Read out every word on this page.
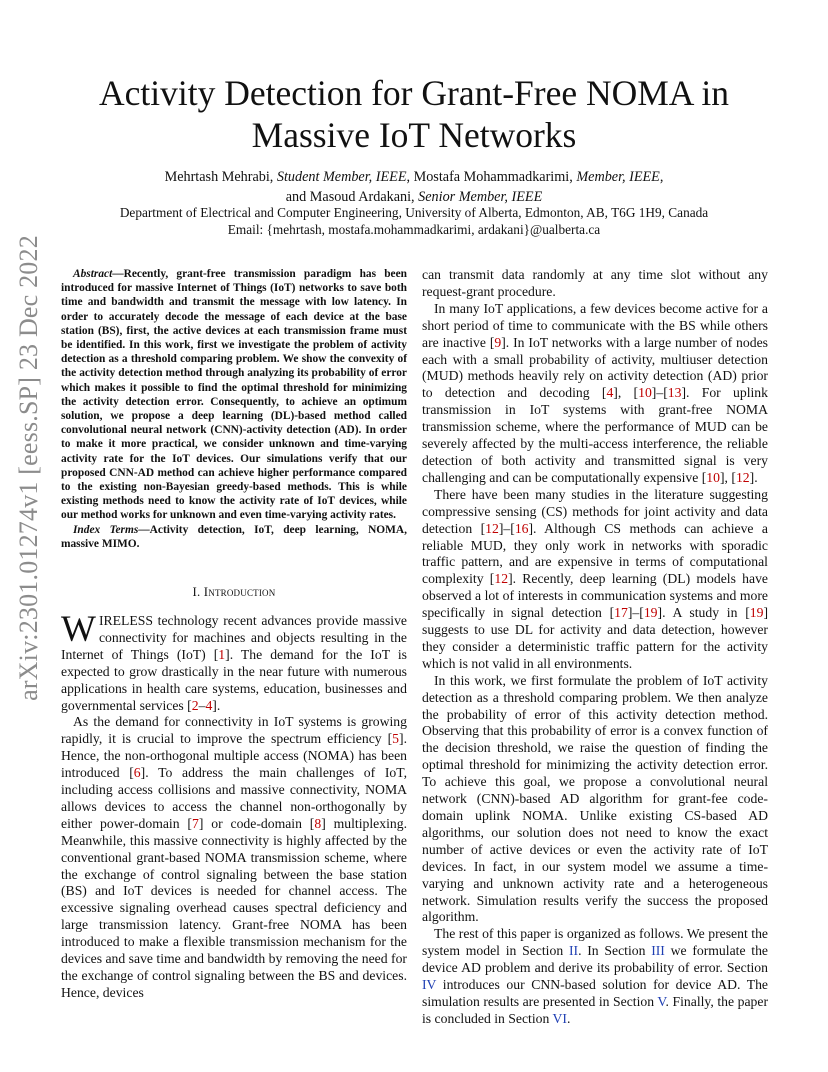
Activity Detection for Grant-Free NOMA in Massive IoT Networks
Mehrtash Mehrabi, Student Member, IEEE, Mostafa Mohammadkarimi, Member, IEEE,
and Masoud Ardakani, Senior Member, IEEE
Department of Electrical and Computer Engineering, University of Alberta, Edmonton, AB, T6G 1H9, Canada
Email: {mehrtash, mostafa.mohammadkarimi, ardakani}@ualberta.ca
arXiv:2301.01274v1 [eess.SP] 23 Dec 2022	Abstract—Recently, grant-free transmission paradigm has been introduced for massive Internet of Things (IoT) networks to save both time and bandwidth and transmit the message with low latency. In order to accurately decode the message of each device at the base station (BS), first, the active devices at each transmission frame must be identified. In this work, first we investigate the problem of activity detection as a threshold comparing problem. We show the convexity of the activity detection method through analyzing its probability of error which makes it possible to find the optimal threshold for minimizing the activity detection error. Consequently, to achieve an optimum solution, we propose a deep learning (DL)-based method called convolutional neural network (CNN)-activity detection (AD). In order to make it more practical, we consider unknown and time-varying activity rate for the IoT devices. Our simulations verify that our proposed CNN-AD method can achieve higher performance compared to the existing non-Bayesian greedy-based methods. This is while existing methods need to know the activity rate of IoT devices, while our method works for unknown and even time-varying activity rates.

Index Terms—Activity detection, IoT, deep learning, NOMA, massive MIMO.

I. Introduction

WIRELESS technology recent advances provide massive connectivity for machines and objects resulting in the Internet of Things (IoT) [1]. The demand for the IoT is expected to grow drastically in the near future with numerous applications in health care systems, education, businesses and governmental services [2–4].

As the demand for connectivity in IoT systems is growing rapidly, it is crucial to improve the spectrum efficiency [5]. Hence, the non-orthogonal multiple access (NOMA) has been introduced [6]. To address the main challenges of IoT, including access collisions and massive connectivity, NOMA allows devices to access the channel non-orthogonally by either power-domain [7] or code-domain [8] multiplexing. Meanwhile, this massive connectivity is highly affected by the conventional grant-based NOMA transmission scheme, where the exchange of control signaling between the base station (BS) and IoT devices is needed for channel access. The excessive signaling overhead causes spectral deficiency and large transmission latency. Grant-free NOMA has been introduced to make a flexible transmission mechanism for the devices and save time and bandwidth by removing the need for the exchange of control signaling between the BS and devices. Hence, devices

can transmit data randomly at any time slot without any request-grant procedure.

In many IoT applications, a few devices become active for a short period of time to communicate with the BS while others are inactive [9]. In IoT networks with a large number of nodes each with a small probability of activity, multiuser detection (MUD) methods heavily rely on activity detection (AD) prior to detection and decoding [4], [10]–[13]. For uplink transmission in IoT systems with grant-free NOMA transmission scheme, where the performance of MUD can be severely affected by the multi-access interference, the reliable detection of both activity and transmitted signal is very challenging and can be computationally expensive [10], [12].

There have been many studies in the literature suggesting compressive sensing (CS) methods for joint activity and data detection [12]–[16]. Although CS methods can achieve a reliable MUD, they only work in networks with sporadic traffic pattern, and are expensive in terms of computational complexity [12]. Recently, deep learning (DL) models have observed a lot of interests in communication systems and more specifically in signal detection [17]–[19]. A study in [19] suggests to use DL for activity and data detection, however they consider a deterministic traffic pattern for the activity which is not valid in all environments.

In this work, we first formulate the problem of IoT activity detection as a threshold comparing problem. We then analyze the probability of error of this activity detection method. Observing that this probability of error is a convex function of the decision threshold, we raise the question of finding the optimal threshold for minimizing the activity detection error. To achieve this goal, we propose a convolutional neural network (CNN)-based AD algorithm for grant-fee code-domain uplink NOMA. Unlike existing CS-based AD algorithms, our solution does not need to know the exact number of active devices or even the activity rate of IoT devices. In fact, in our system model we assume a time-varying and unknown activity rate and a heterogeneous network. Simulation results verify the success the proposed algorithm.

The rest of this paper is organized as follows. We present the system model in Section II. In Section III we formulate the device AD problem and derive its probability of error. Section IV introduces our CNN-based solution for device AD. The simulation results are presented in Section V. Finally, the paper is concluded in Section VI.
